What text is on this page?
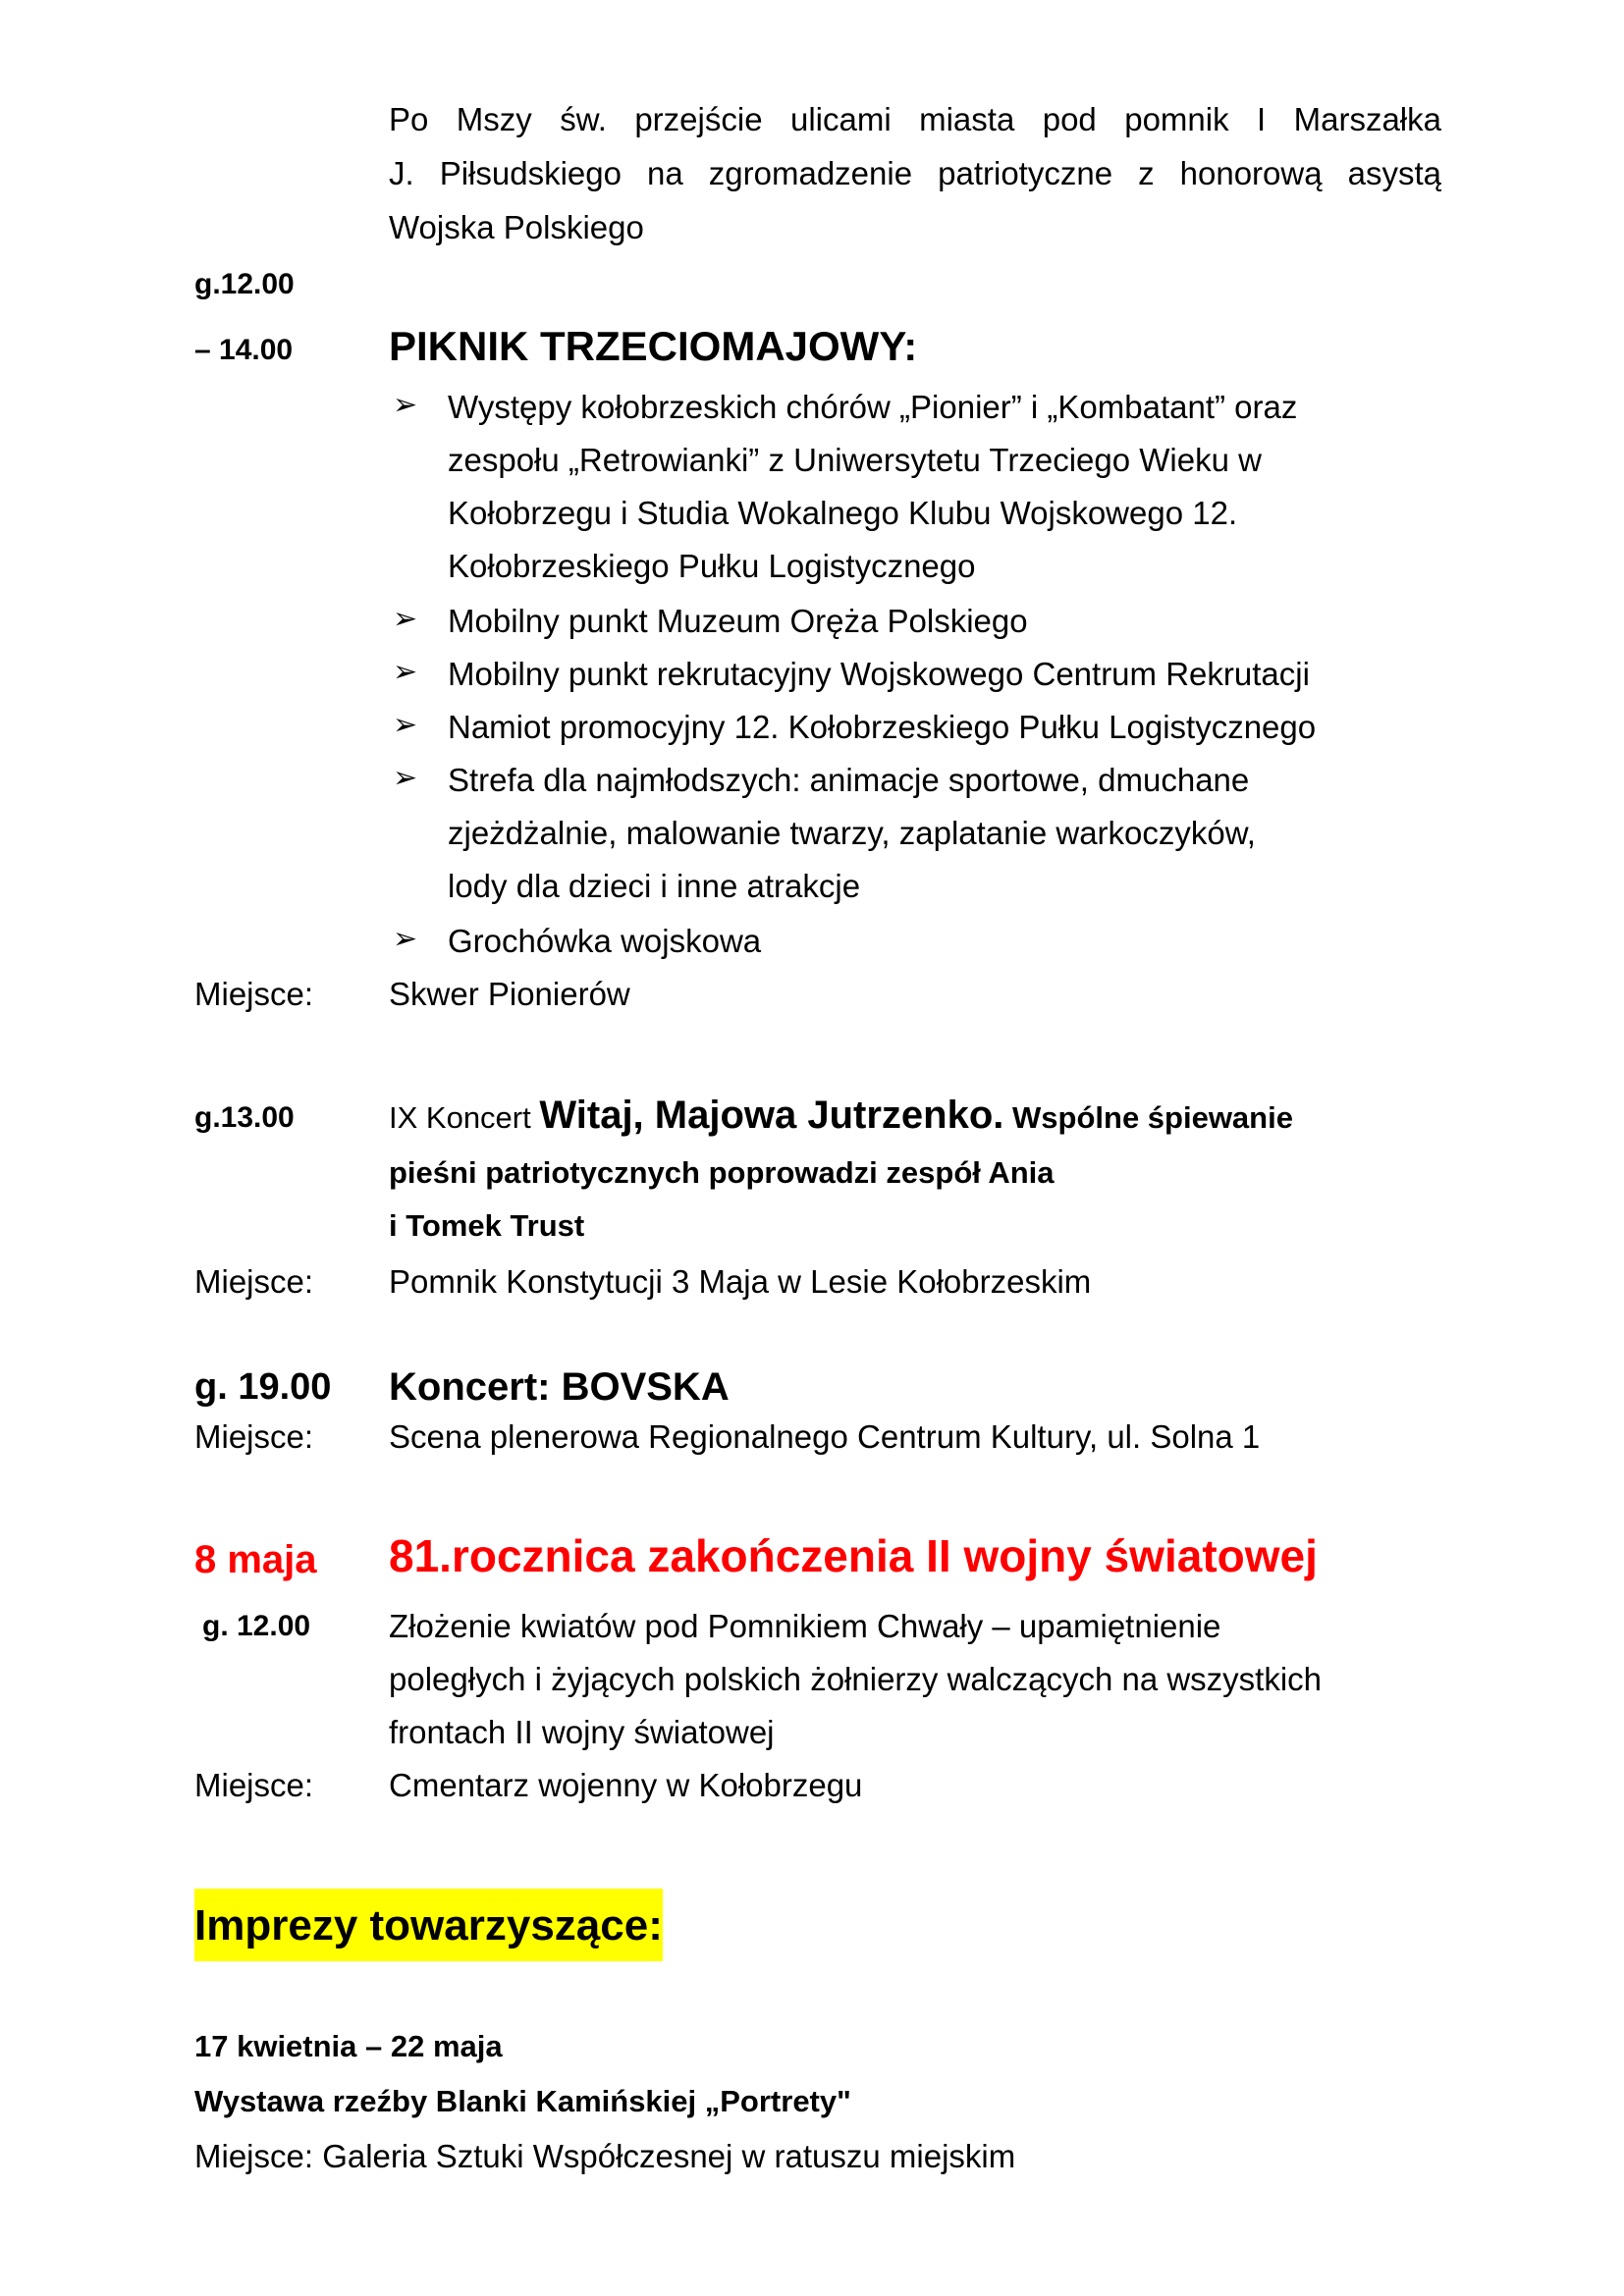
Po Mszy św. przejście ulicami miasta pod pomnik I Marszałka
J. Piłsudskiego na zgromadzenie patriotyczne z honorową asystą
Wojska Polskiego
g.12.00
– 14.00 PIKNIK TRZECIOMAJOWY:
➢ Występy kołobrzeskich chórów „Pionier” i „Kombatant” oraz
zespołu „Retrowianki” z Uniwersytetu Trzeciego Wieku w
Kołobrzegu i Studia Wokalnego Klubu Wojskowego 12.
Kołobrzeskiego Pułku Logistycznego
➢ Mobilny punkt Muzeum Oręża Polskiego
➢ Mobilny punkt rekrutacyjny Wojskowego Centrum Rekrutacji
➢ Namiot promocyjny 12. Kołobrzeskiego Pułku Logistycznego
➢ Strefa dla najmłodszych: animacje sportowe, dmuchane
zjeżdżalnie, malowanie twarzy, zaplatanie warkoczyków,
lody dla dzieci i inne atrakcje
➢ Grochówka wojskowa
Miejsce: Skwer Pionierów
g.13.00	IX Koncert Witaj, Majowa Jutrzenko. Wspólne śpiewanie
pieśni patriotycznych poprowadzi zespół Ania
i Tomek Trust
Miejsce: Pomnik Konstytucji 3 Maja w Lesie Kołobrzeskim
g. 19.00 Koncert: BOVSKA
Miejsce: Scena plenerowa Regionalnego Centrum Kultury, ul. Solna 1
8 maja 81.rocznica zakończenia II wojny światowej
g. 12.00 Złożenie kwiatów pod Pomnikiem Chwały – upamiętnienie
poległych i żyjących polskich żołnierzy walczących na wszystkich
frontach II wojny światowej
Miejsce: Cmentarz wojenny w Kołobrzegu
Imprezy towarzyszące:
17 kwietnia – 22 maja
Wystawa rzeźby Blanki Kamińskiej „Portrety"
Miejsce: Galeria Sztuki Współczesnej w ratuszu miejskim
